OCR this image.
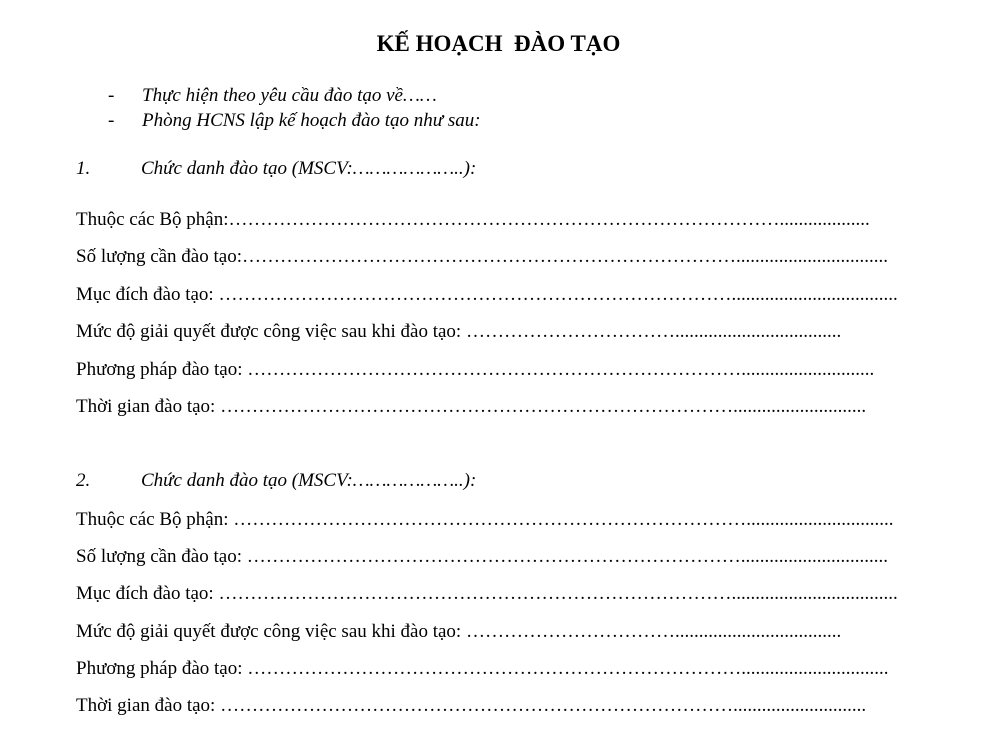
KẾ HOẠCH  ĐÀO TẠO
- Thực hiện theo yêu cầu đào tạo về……
- Phòng HCNS lập kế hoạch đào tạo như sau:
1.	Chức danh đào tạo (MSCV:………………..):
Thuộc các Bộ phận:……………………………………………………………………………...................
Số lượng cần đào tạo:……………………………………………………………………................................
Mục đích đào tạo: ………………………………………………………………………...................................
Mức độ giải quyết được công việc sau khi đào tạo: ……………………………...................................
Phương pháp đào tạo: ……………………………………………………………………............................
Thời gian đào tạo: ………………………………………………………………………............................
2.	Chức danh đào tạo (MSCV:………………..):
Thuộc các Bộ phận: ………………………………………………………………………...............................
Số lượng cần đào tạo: ……………………………………………………………………...............................
Mục đích đào tạo: ………………………………………………………………………...................................
Mức độ giải quyết được công việc sau khi đào tạo: ……………………………...................................
Phương pháp đào tạo: ……………………………………………………………………...............................
Thời gian đào tạo: ………………………………………………………………………............................
